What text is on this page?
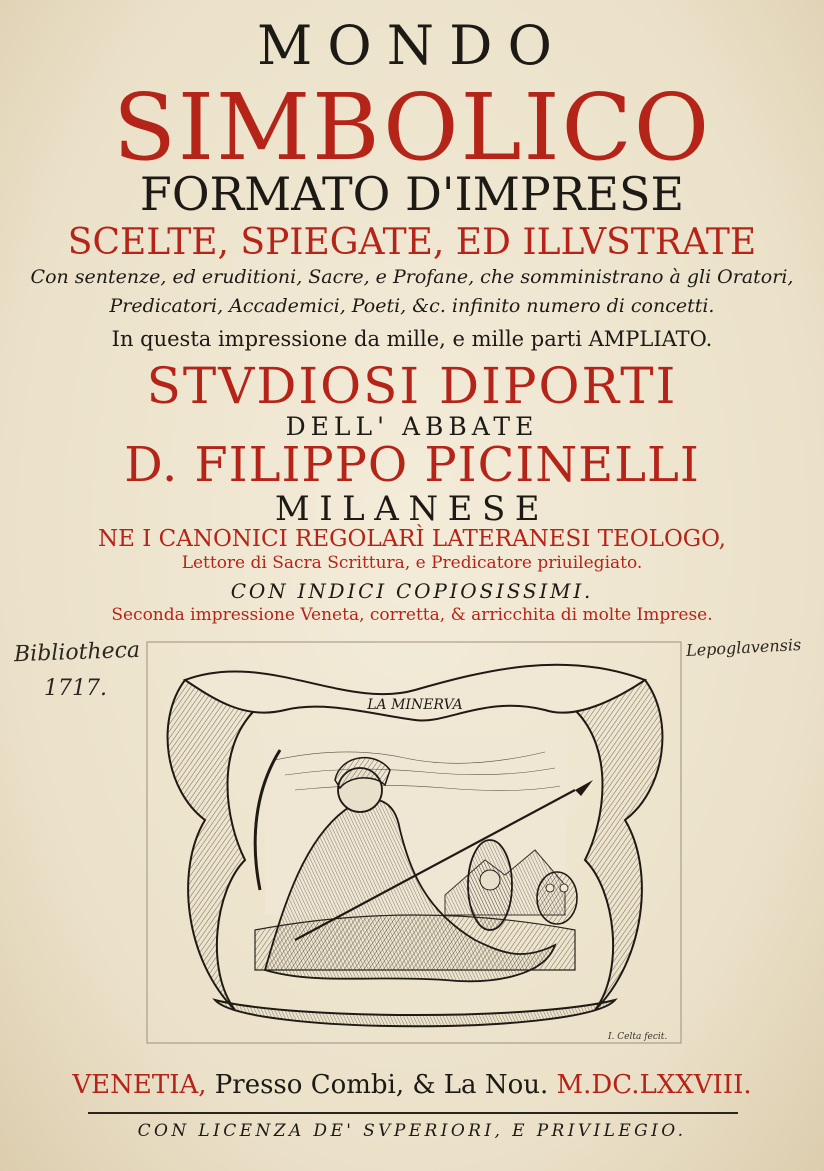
MONDO
SIMBOLICO
FORMATO D'IMPRESE
SCELTE, SPIEGATE, ED ILLVSTRATE
Con sentenze, ed eruditioni, Sacre, e Profane, che somministrano à gli Oratori,
Predicatori, Accademici, Poeti, &c. infinito numero di concetti.
In questa impressione da mille, e mille parti AMPLIATO.
STVDIOSI DIPORTI
DELL' ABBATE
D. FILIPPO PICINELLI
MILANESE
NE I CANONICI REGOLARÌ LATERANESI TEOLOGO,
Lettore di Sacra Scrittura, e Predicatore priuilegiato.
CON INDICI COPIOSISSIMI.
Seconda impressione Veneta, corretta, & arricchita di molte Imprese.
Bibliotheca
1717.
Lepoglavensis
LA MINERVA
I. Celta fecit.
VENETIA, Presso Combi, & La Nou. M.DC.LXXVIII.
CON LICENZA DE' SVPERIORI, E PRIVILEGIO.
